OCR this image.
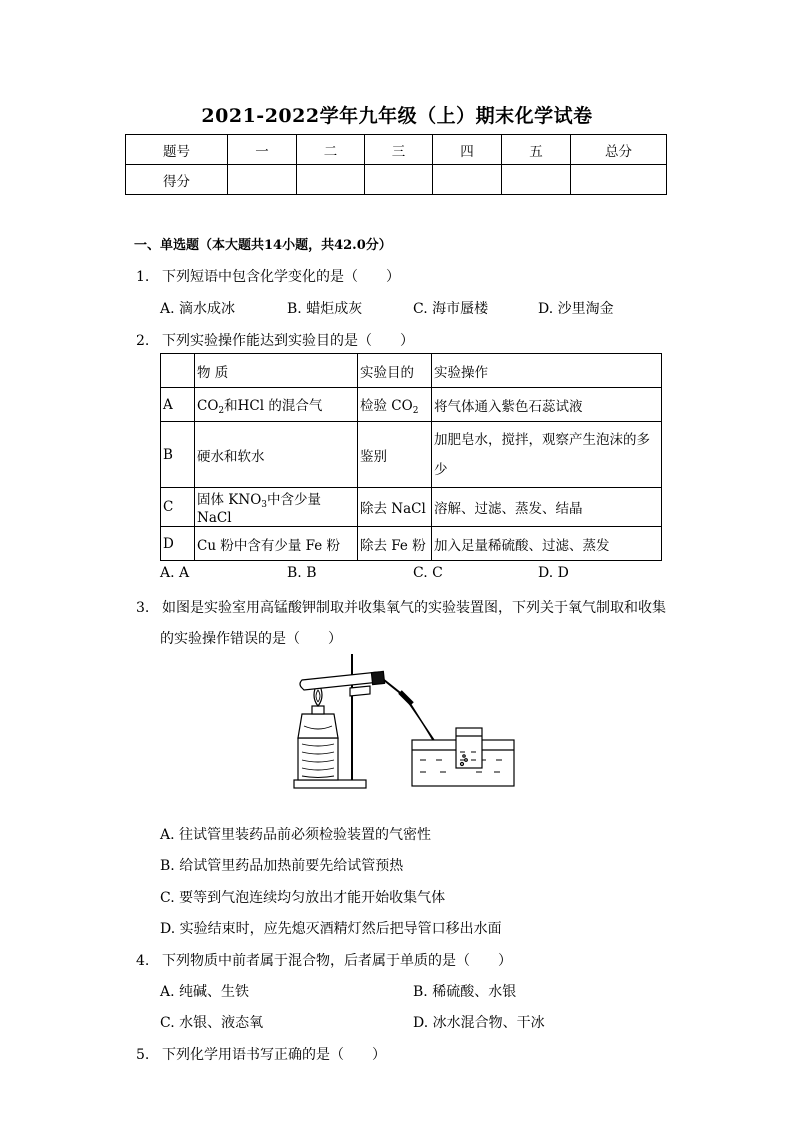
2021-2022学年九年级（上）期末化学试卷
题号	一	二	三	四	五	总分
得分						
一、单选题（本大题共14小题，共42.0分）
1. 下列短语中包含化学变化的是（　　）
A. 滴水成冰	B. 蜡炬成灰	C. 海市蜃楼	D. 沙里淘金
2. 下列实验操作能达到实验目的是（　　）
	物 质	实验目的	实验操作
A	$CO_2$和HCl 的混合气	检验 $CO_2$	将气体通入紫色石蕊试液
B	硬水和软水	鉴别	加肥皂水，搅拌，观察产生泡沫的多
少
C	固体 $KNO_3$中含少量 NaCl	除去 NaCl	溶解、过滤、蒸发、结晶
D	Cu 粉中含有少量 Fe 粉	除去 Fe 粉	加入足量稀硫酸、过滤、蒸发
A. A	B. B	C. C	D. D
3. 如图是实验室用高锰酸钾制取并收集氧气的实验装置图，下列关于氧气制取和收集
的实验操作错误的是（　　）
A. 往试管里装药品前必须检验装置的气密性
B. 给试管里药品加热前要先给试管预热
C. 要等到气泡连续均匀放出才能开始收集气体
D. 实验结束时，应先熄灭酒精灯然后把导管口移出水面
4. 下列物质中前者属于混合物，后者属于单质的是（　　）
A. 纯碱、生铁	B. 稀硫酸、水银
C. 水银、液态氧	D. 冰水混合物、干冰
5. 下列化学用语书写正确的是（　　）
